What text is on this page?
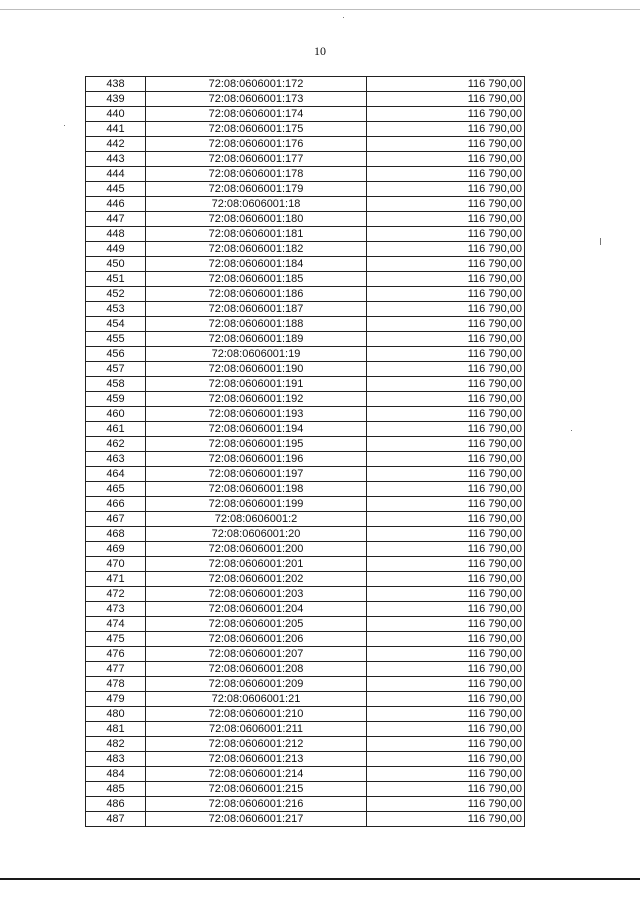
10
438	72:08:0606001:172	116 790,00
439	72:08:0606001:173	116 790,00
440	72:08:0606001:174	116 790,00
441	72:08:0606001:175	116 790,00
442	72:08:0606001:176	116 790,00
443	72:08:0606001:177	116 790,00
444	72:08:0606001:178	116 790,00
445	72:08:0606001:179	116 790,00
446	72:08:0606001:18	116 790,00
447	72:08:0606001:180	116 790,00
448	72:08:0606001:181	116 790,00
449	72:08:0606001:182	116 790,00
450	72:08:0606001:184	116 790,00
451	72:08:0606001:185	116 790,00
452	72:08:0606001:186	116 790,00
453	72:08:0606001:187	116 790,00
454	72:08:0606001:188	116 790,00
455	72:08:0606001:189	116 790,00
456	72:08:0606001:19	116 790,00
457	72:08:0606001:190	116 790,00
458	72:08:0606001:191	116 790,00
459	72:08:0606001:192	116 790,00
460	72:08:0606001:193	116 790,00
461	72:08:0606001:194	116 790,00
462	72:08:0606001:195	116 790,00
463	72:08:0606001:196	116 790,00
464	72:08:0606001:197	116 790,00
465	72:08:0606001:198	116 790,00
466	72:08:0606001:199	116 790,00
467	72:08:0606001:2	116 790,00
468	72:08:0606001:20	116 790,00
469	72:08:0606001:200	116 790,00
470	72:08:0606001:201	116 790,00
471	72:08:0606001:202	116 790,00
472	72:08:0606001:203	116 790,00
473	72:08:0606001:204	116 790,00
474	72:08:0606001:205	116 790,00
475	72:08:0606001:206	116 790,00
476	72:08:0606001:207	116 790,00
477	72:08:0606001:208	116 790,00
478	72:08:0606001:209	116 790,00
479	72:08:0606001:21	116 790,00
480	72:08:0606001:210	116 790,00
481	72:08:0606001:211	116 790,00
482	72:08:0606001:212	116 790,00
483	72:08:0606001:213	116 790,00
484	72:08:0606001:214	116 790,00
485	72:08:0606001:215	116 790,00
486	72:08:0606001:216	116 790,00
487	72:08:0606001:217	116 790,00
